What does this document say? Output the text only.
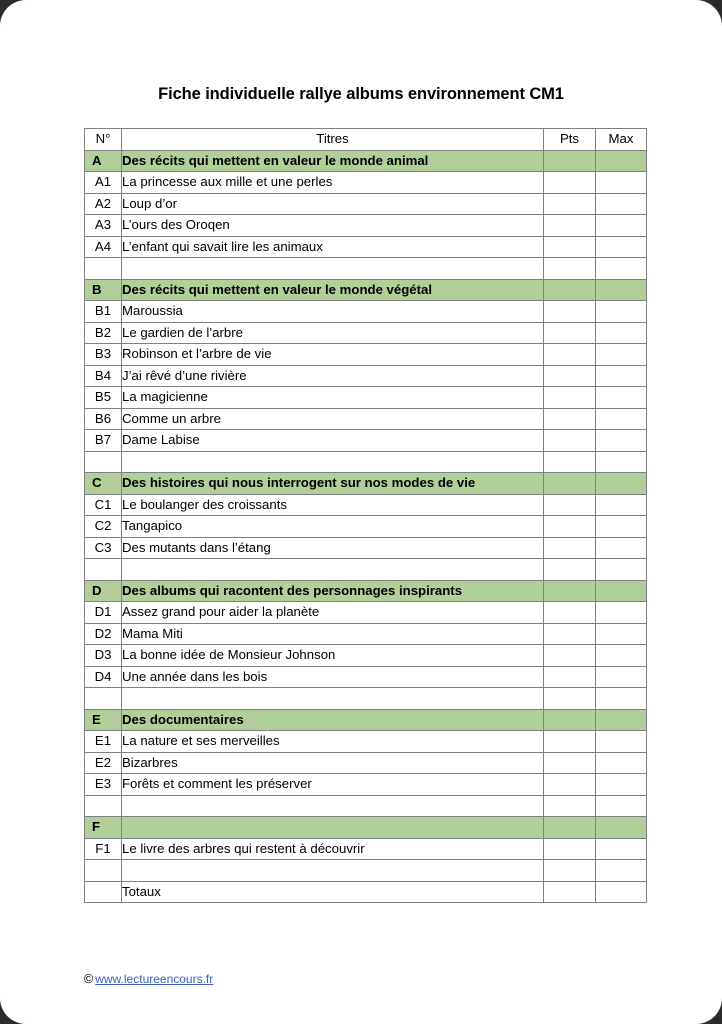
Fiche individuelle rallye albums environnement CM1
N°	Titres	Pts	Max
A	Des récits qui mettent en valeur le monde animal		
A1	La princesse aux mille et une perles		
A2	Loup d’or		
A3	L’ours des Oroqen		
A4	L’enfant qui savait lire les animaux		

B	Des récits qui mettent en valeur le monde végétal		
B1	Maroussia		
B2	Le gardien de l’arbre		
B3	Robinson et l’arbre de vie		
B4	J’ai rêvé d’une rivière		
B5	La magicienne		
B6	Comme un arbre		
B7	Dame Labise		

C	Des histoires qui nous interrogent sur nos modes de vie		
C1	Le boulanger des croissants		
C2	Tangapico		
C3	Des mutants dans l’étang		

D	Des albums qui racontent des personnages inspirants		
D1	Assez grand pour aider la planète		
D2	Mama Miti		
D3	La bonne idée de Monsieur Johnson		
D4	Une année dans les bois		

E	Des documentaires		
E1	La nature et ses merveilles		
E2	Bizarbres		
E3	Forêts et comment les préserver		

F			
F1	Le livre des arbres qui restent à découvrir		

	Totaux		
© www.lectureencours.fr
